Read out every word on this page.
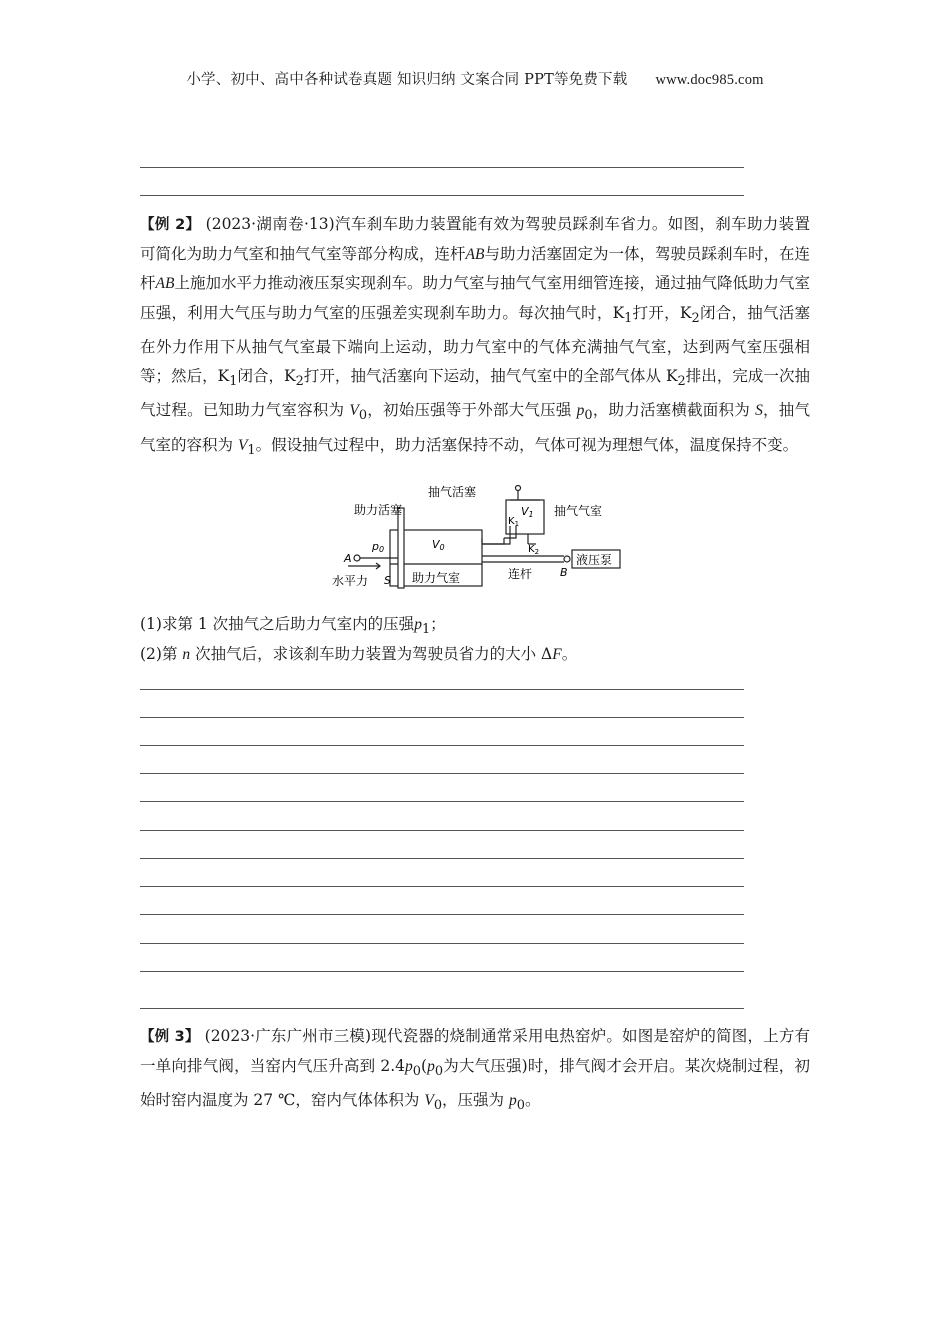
小学、初中、高中各种试卷真题 知识归纳 文案合同 PPT等免费下载 www.doc985.com
【例 2】 (2023·湖南卷·13)汽车刹车助力装置能有效为驾驶员踩刹车省力。如图，刹车助力装置可简化为助力气室和抽气气室等部分构成，连杆AB与助力活塞固定为一体，驾驶员踩刹车时，在连杆AB上施加水平力推动液压泵实现刹车。助力气室与抽气气室用细管连接，通过抽气降低助力气室压强，利用大气压与助力气室的压强差实现刹车助力。每次抽气时，$K_1$打开，$K_2$闭合，抽气活塞在外力作用下从抽气气室最下端向上运动，助力气室中的气体充满抽气气室，达到两气室压强相等；然后，$K_1$闭合，$K_2$打开，抽气活塞向下运动，抽气气室中的全部气体从 $K_2$排出，完成一次抽气过程。已知助力气室容积为 $V_0$，初始压强等于外部大气压强 $p_0$，助力活塞横截面积为 S，抽气气室的容积为 $V_1$。假设抽气过程中，助力活塞保持不动，气体可视为理想气体，温度保持不变。
助力活塞
抽气活塞
抽气气室
助力气室	连杆
液压泵
水平力
A
B
S
p0	V0
V1
$K_1$
$K_2$
(1)求第 1 次抽气之后助力气室内的压强$p_1$；
(2)第 n 次抽气后，求该刹车助力装置为驾驶员省力的大小 ΔF。
【例 3】 (2023·广东广州市三模)现代瓷器的烧制通常采用电热窑炉。如图是窑炉的简图，上方有一单向排气阀，当窑内气压升高到 $2.4p_0(p_0$为大气压强)时，排气阀才会开启。某次烧制过程，初始时窑内温度为 27 ℃，窑内气体体积为 $V_0$，压强为 $p_0$。
